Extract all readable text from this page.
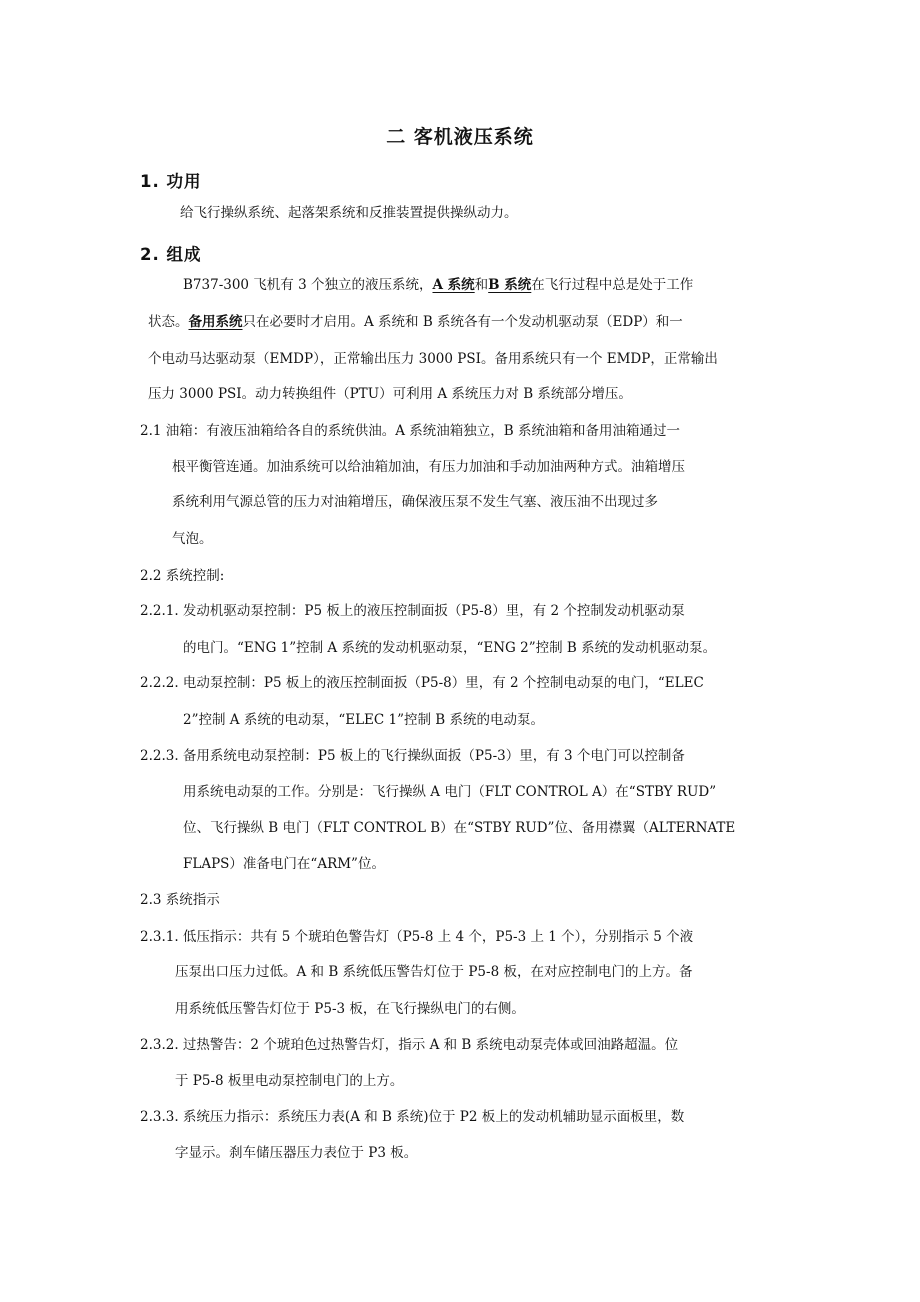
二 客机液压系统
1. 功用
给飞行操纵系统、起落架系统和反推装置提供操纵动力。
2. 组成
B737-300 飞机有 3 个独立的液压系统，A 系统和B 系统在飞行过程中总是处于工作
状态。备用系统只在必要时才启用。A 系统和 B 系统各有一个发动机驱动泵（EDP）和一
个电动马达驱动泵（EMDP），正常输出压力 3000 PSI。备用系统只有一个 EMDP，正常输出
压力 3000 PSI。动力转换组件（PTU）可利用 A 系统压力对 B 系统部分增压。
2.1 油箱：有液压油箱给各自的系统供油。A 系统油箱独立，B 系统油箱和备用油箱通过一
根平衡管连通。加油系统可以给油箱加油，有压力加油和手动加油两种方式。油箱增压
系统利用气源总管的压力对油箱增压，确保液压泵不发生气塞、液压油不出现过多
气泡。
2.2 系统控制:
2.2.1. 发动机驱动泵控制：P5 板上的液压控制面扳（P5-8）里，有 2 个控制发动机驱动泵
的电门。“ENG 1”控制 A 系统的发动机驱动泵，“ENG 2”控制 B 系统的发动机驱动泵。
2.2.2. 电动泵控制：P5 板上的液压控制面扳（P5-8）里，有 2 个控制电动泵的电门，“ELEC
2”控制 A 系统的电动泵，“ELEC 1”控制 B 系统的电动泵。
2.2.3. 备用系统电动泵控制：P5 板上的飞行操纵面扳（P5-3）里，有 3 个电门可以控制备
用系统电动泵的工作。分别是：飞行操纵 A 电门（FLT CONTROL A）在“STBY RUD”
位、飞行操纵 B 电门（FLT CONTROL B）在“STBY RUD”位、备用襟翼（ALTERNATE
FLAPS）准备电门在“ARM”位。
2.3 系统指示
2.3.1. 低压指示：共有 5 个琥珀色警告灯（P5-8 上 4 个，P5-3 上 1 个），分别指示 5 个液
压泵出口压力过低。A 和 B 系统低压警告灯位于 P5-8 板，在对应控制电门的上方。备
用系统低压警告灯位于 P5-3 板，在飞行操纵电门的右侧。
2.3.2. 过热警告：2 个琥珀色过热警告灯，指示 A 和 B 系统电动泵壳体或回油路超温。位
于 P5-8 板里电动泵控制电门的上方。
2.3.3. 系统压力指示：系统压力表(A 和 B 系统)位于 P2 板上的发动机辅助显示面板里，数
字显示。刹车储压器压力表位于 P3 板。
